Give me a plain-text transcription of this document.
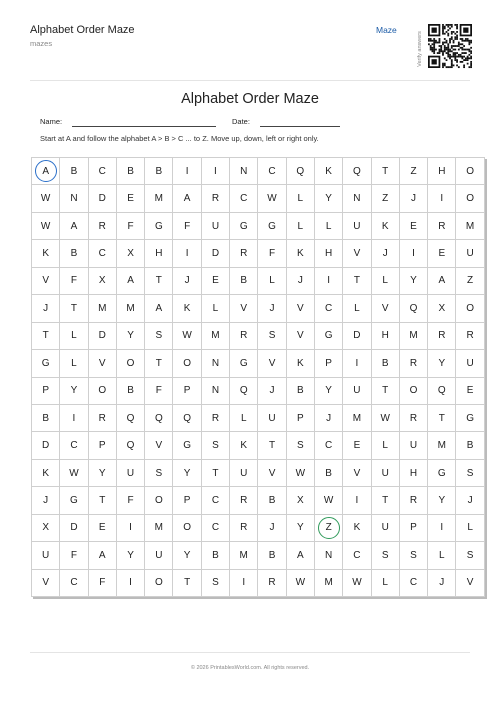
Alphabet Order Maze
mazes
Maze
Verify answers
Alphabet Order Maze
Name:	Date:
Start at A and follow the alphabet A > B > C ... to Z. Move up, down, left or right only.
A	B	C	B	B	I	I	N	C	Q	K	Q	T	Z	H	O
W	N	D	E	M	A	R	C	W	L	Y	N	Z	J	I	O
W	A	R	F	G	F	U	G	G	L	L	U	K	E	R	M
K	B	C	X	H	I	D	R	F	K	H	V	J	I	E	U
V	F	X	A	T	J	E	B	L	J	I	T	L	Y	A	Z
J	T	M	M	A	K	L	V	J	V	C	L	V	Q	X	O
T	L	D	Y	S	W	M	R	S	V	G	D	H	M	R	R
G	L	V	O	T	O	N	G	V	K	P	I	B	R	Y	U
P	Y	O	B	F	P	N	Q	J	B	Y	U	T	O	Q	E
B	I	R	Q	Q	Q	R	L	U	P	J	M	W	R	T	G
D	C	P	Q	V	G	S	K	T	S	C	E	L	U	M	B
K	W	Y	U	S	Y	T	U	V	W	B	V	U	H	G	S
J	G	T	F	O	P	C	R	B	X	W	I	T	R	Y	J
X	D	E	I	M	O	C	R	J	Y	Z	K	U	P	I	L
U	F	A	Y	U	Y	B	M	B	A	N	C	S	S	L	S
V	C	F	I	O	T	S	I	R	W	M	W	L	C	J	V
© 2026 PrintablesWorld.com. All rights reserved.
